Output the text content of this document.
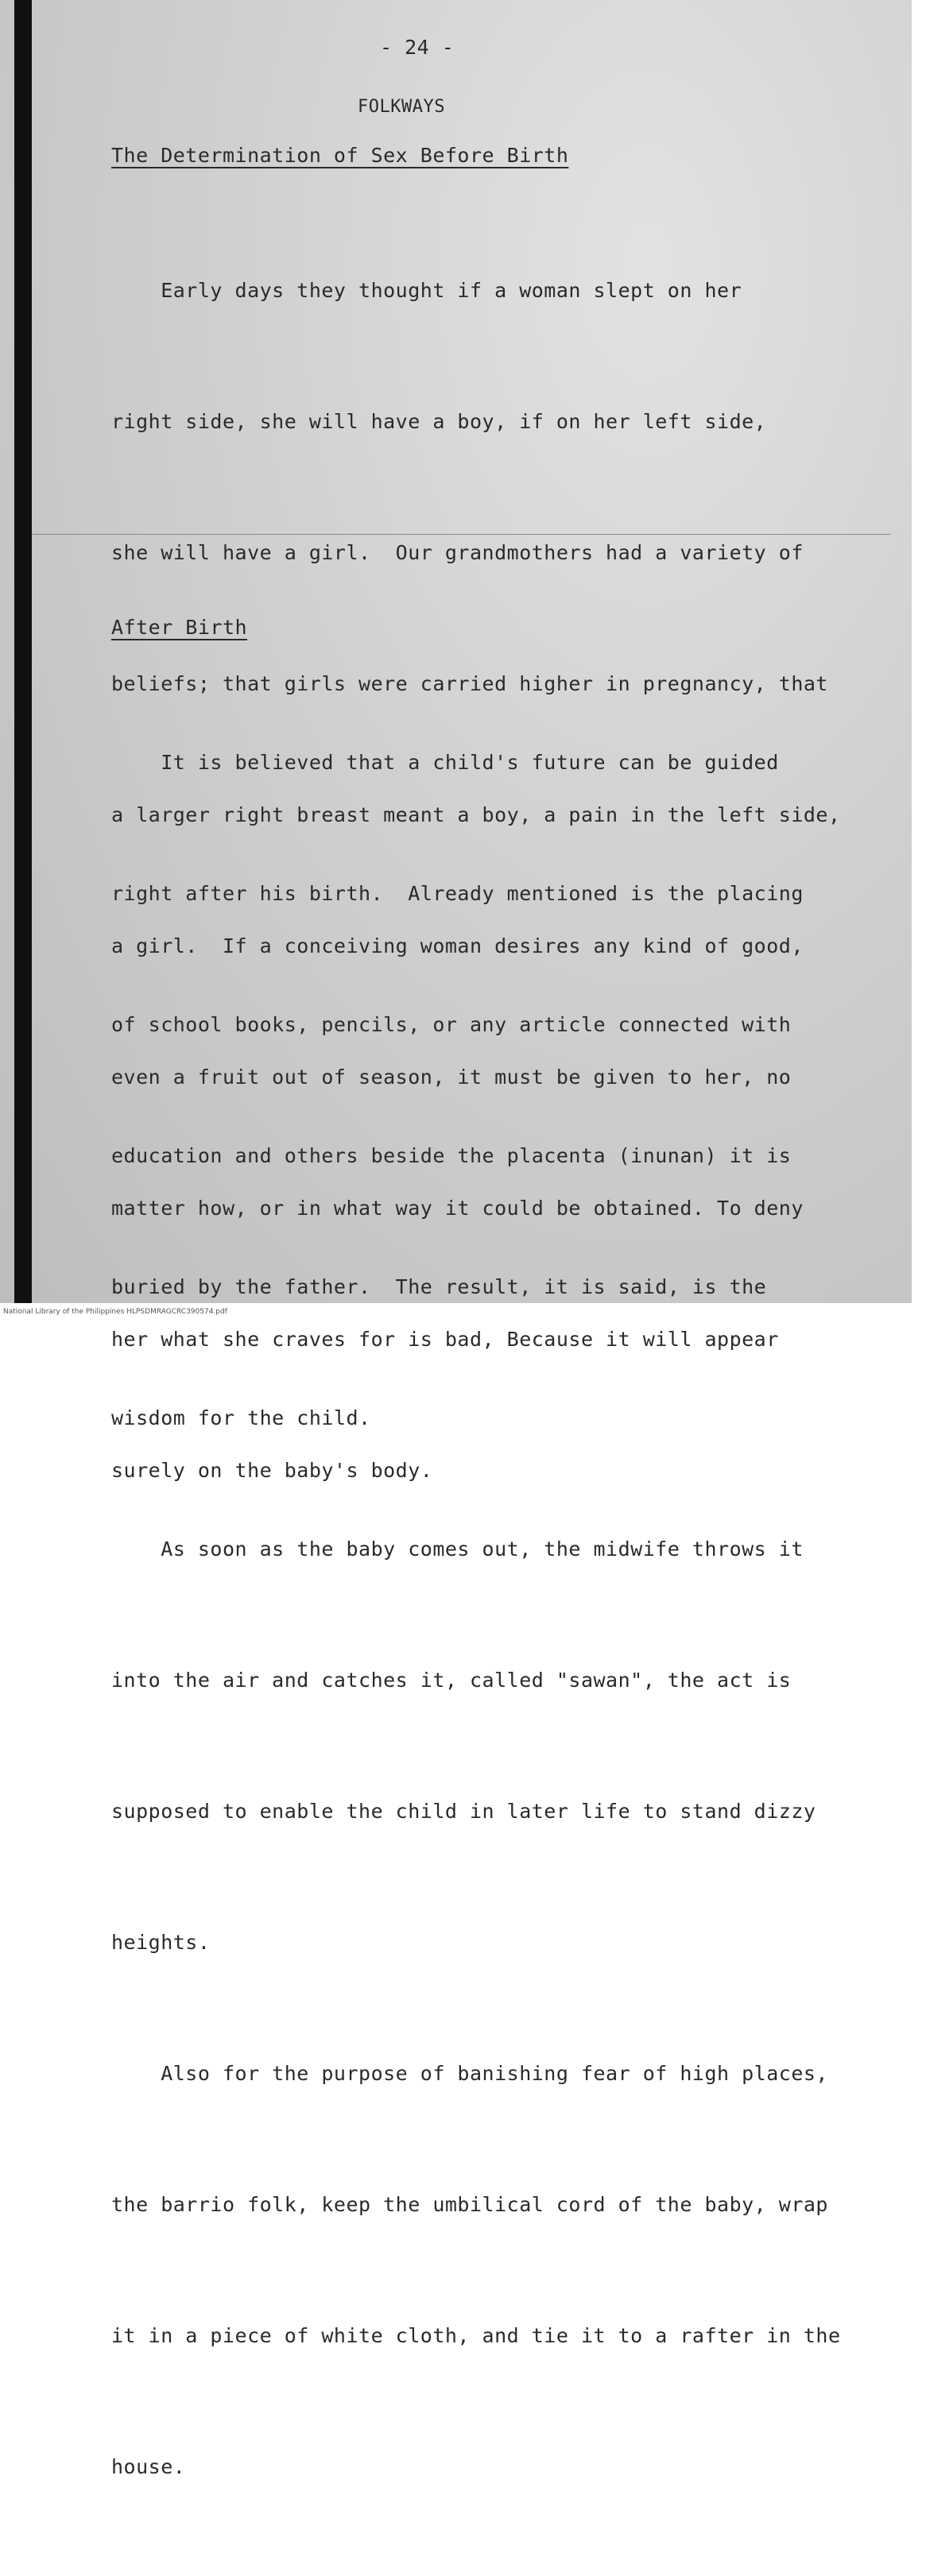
- 24 -
FOLKWAYS
The Determination of Sex Before Birth

Early days they thought if a woman slept on her

right side, she will have a boy, if on her left side,

she will have a girl.  Our grandmothers had a variety of

beliefs; that girls were carried higher in pregnancy, that

a larger right breast meant a boy, a pain in the left side,

a girl.  If a conceiving woman desires any kind of good,

even a fruit out of season, it must be given to her, no

matter how, or in what way it could be obtained. To deny

her what she craves for is bad, Because it will appear

surely on the baby's body.

After Birth

It is believed that a child's future can be guided

right after his birth.  Already mentioned is the placing

of school books, pencils, or any article connected with

education and others beside the placenta (inunan) it is

buried by the father.  The result, it is said, is the

wisdom for the child.

As soon as the baby comes out, the midwife throws it

into the air and catches it, called "sawan", the act is

supposed to enable the child in later life to stand dizzy

heights.

Also for the purpose of banishing fear of high places,

the barrio folk, keep the umbilical cord of the baby, wrap

it in a piece of white cloth, and tie it to a rafter in the

house.

National Library of the Philippines HLPSDMRAGCRC390574.pdf
